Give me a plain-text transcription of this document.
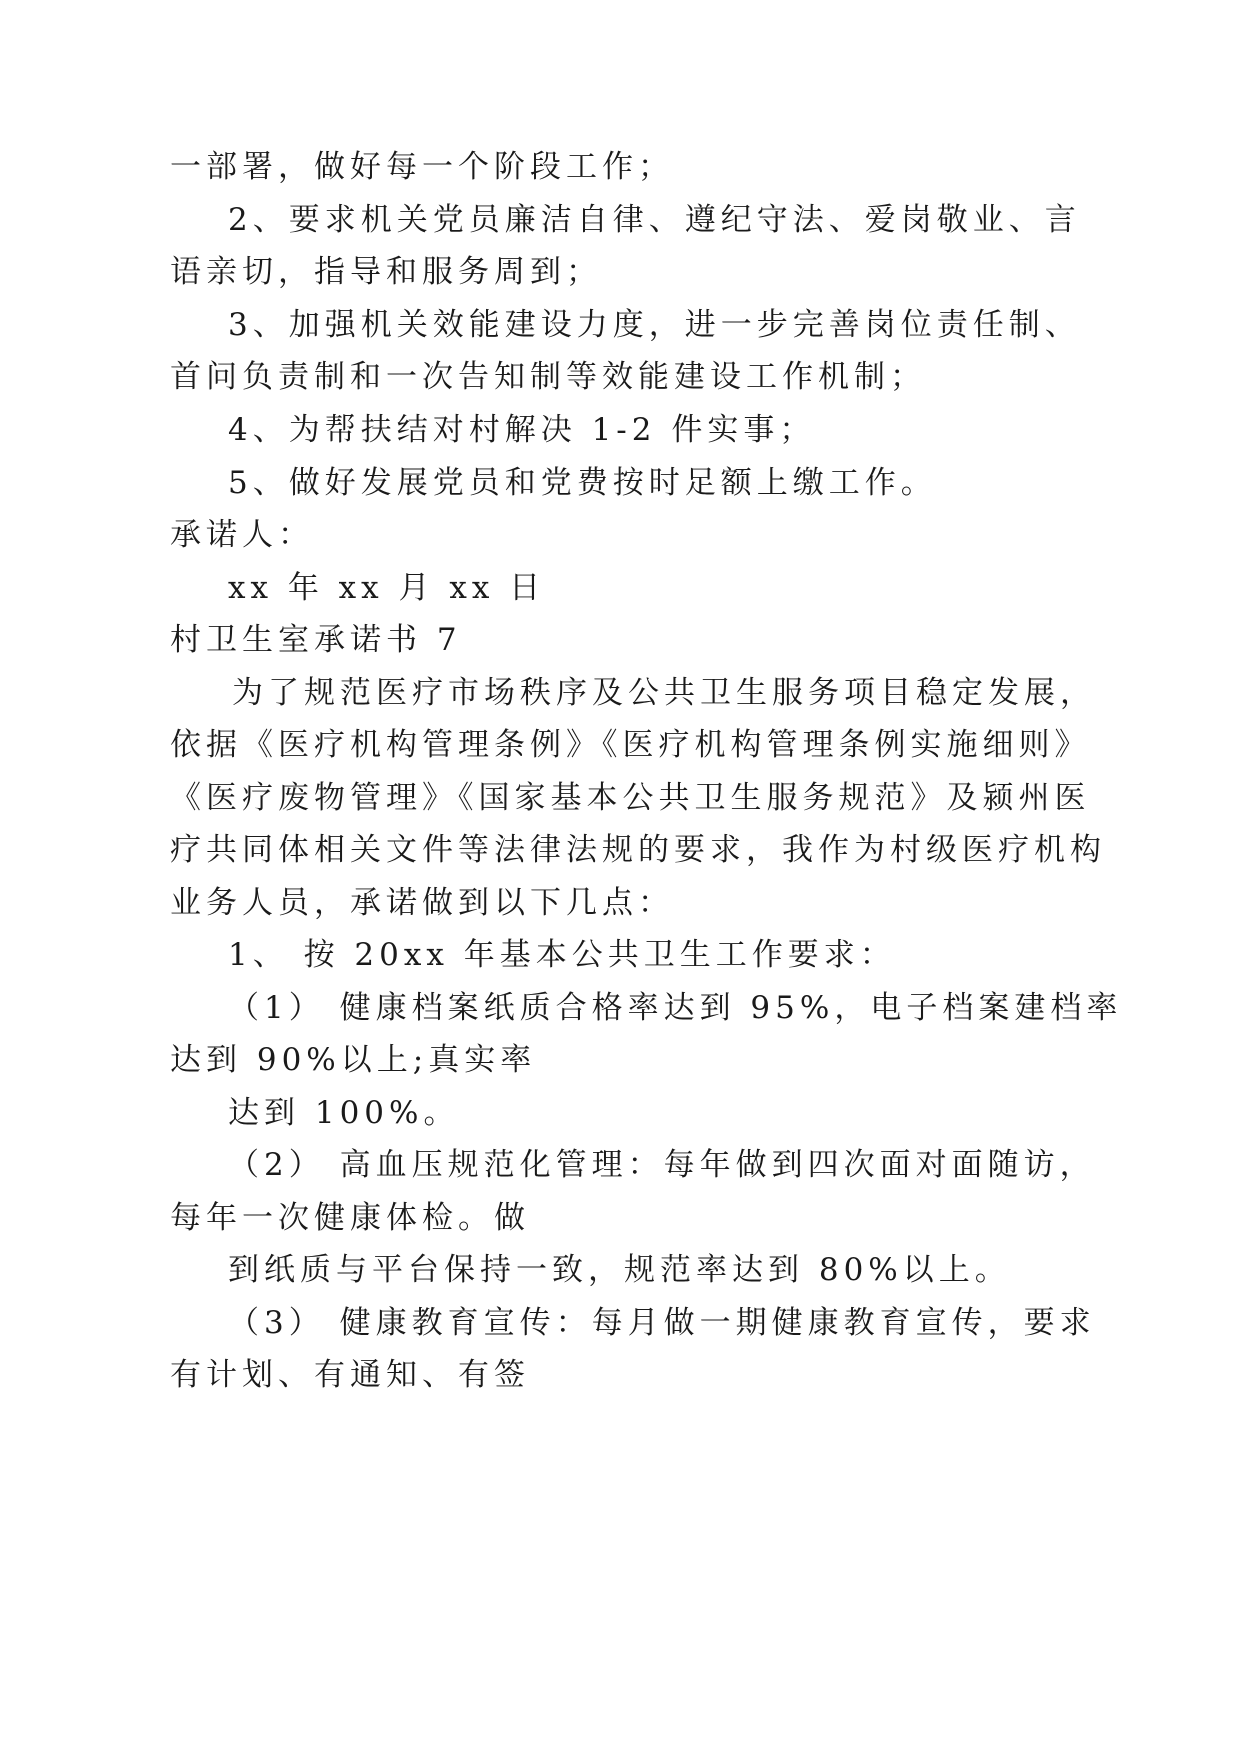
一部署，做好每一个阶段工作；

2、要求机关党员廉洁自律、遵纪守法、爱岗敬业、言

语亲切，指导和服务周到；

3、加强机关效能建设力度，进一步完善岗位责任制、

首问负责制和一次告知制等效能建设工作机制；

4、为帮扶结对村解决 1-2 件实事；

5、做好发展党员和党费按时足额上缴工作。

承诺人：

xx 年 xx 月 xx 日

村卫生室承诺书 7

为了规范医疗市场秩序及公共卫生服务项目稳定发展，

依据《医疗机构管理条例》《医疗机构管理条例实施细则》

《医疗废物管理》《国家基本公共卫生服务规范》及颍州医

疗共同体相关文件等法律法规的要求，我作为村级医疗机构

业务人员，承诺做到以下几点：

1、 按 20xx 年基本公共卫生工作要求：

（1） 健康档案纸质合格率达到 95%，电子档案建档率

达到 90%以上;真实率

达到 100%。

（2） 高血压规范化管理：每年做到四次面对面随访，

每年一次健康体检。做

到纸质与平台保持一致，规范率达到 80%以上。

（3） 健康教育宣传：每月做一期健康教育宣传，要求

有计划、有通知、有签
